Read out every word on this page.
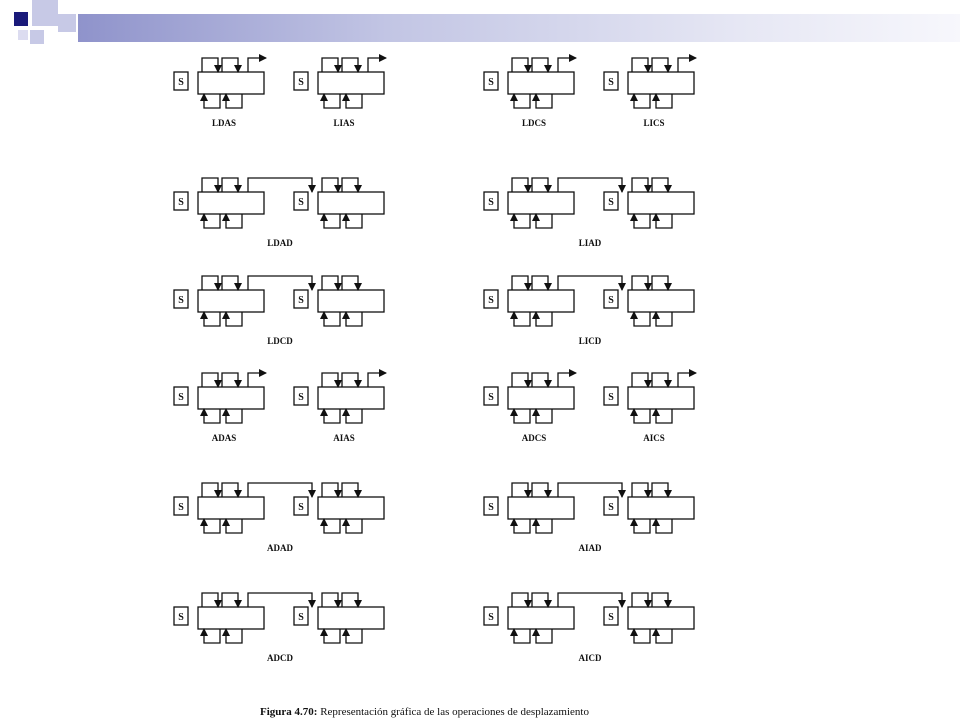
S
LDAS
S
LIAS
S
LDCS
S
LICS
S	S
LDAD
S	S
LIAD
S	S
LDCD
S	S
LICD
S
ADAS
S
AIAS
S
ADCS
S
AICS
S	S
ADAD
S	S
AIAD
S	S
ADCD
S	S
AICD
Figura 4.70: Representación gráfica de las operaciones de desplazamiento
